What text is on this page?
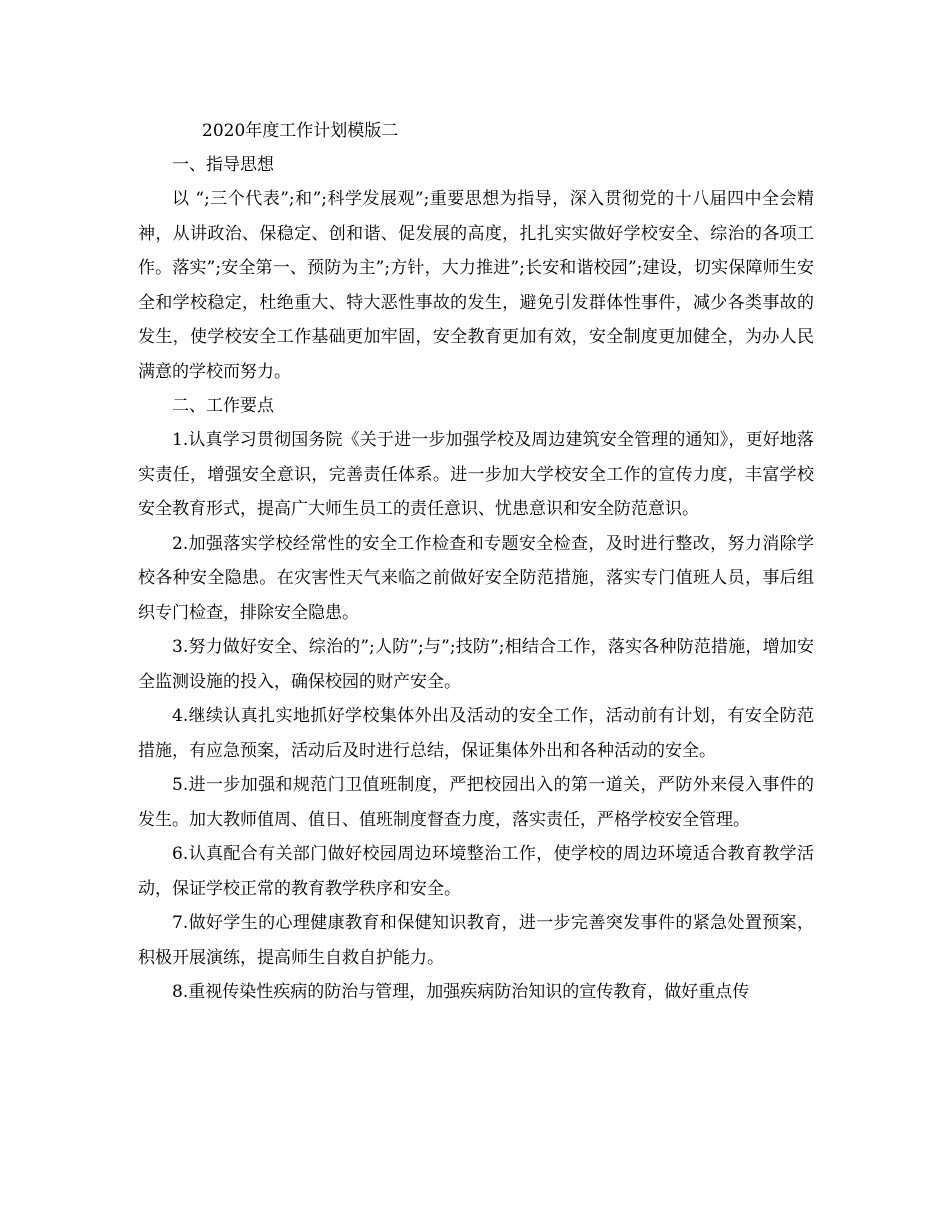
2020年度工作计划模版二

一、指导思想

以 “;三个代表”;和”;科学发展观”;重要思想为指导，深入贯彻党的十八届四中全会精神，从讲政治、保稳定、创和谐、促发展的高度，扎扎实实做好学校安全、综治的各项工作。落实”;安全第一、预防为主”;方针，大力推进”;长安和谐校园”;建设，切实保障师生安全和学校稳定，杜绝重大、特大恶性事故的发生，避免引发群体性事件，减少各类事故的发生，使学校安全工作基础更加牢固，安全教育更加有效，安全制度更加健全，为办人民满意的学校而努力。

二、工作要点

1.认真学习贯彻国务院《关于进一步加强学校及周边建筑安全管理的通知》，更好地落实责任，增强安全意识，完善责任体系。进一步加大学校安全工作的宣传力度，丰富学校安全教育形式，提高广大师生员工的责任意识、忧患意识和安全防范意识。

2.加强落实学校经常性的安全工作检查和专题安全检查，及时进行整改，努力消除学校各种安全隐患。在灾害性天气来临之前做好安全防范措施，落实专门值班人员，事后组织专门检查，排除安全隐患。

3.努力做好安全、综治的”;人防”;与”;技防”;相结合工作，落实各种防范措施，增加安全监测设施的投入，确保校园的财产安全。

4.继续认真扎实地抓好学校集体外出及活动的安全工作，活动前有计划，有安全防范措施，有应急预案，活动后及时进行总结，保证集体外出和各种活动的安全。

5.进一步加强和规范门卫值班制度，严把校园出入的第一道关，严防外来侵入事件的发生。加大教师值周、值日、值班制度督查力度，落实责任，严格学校安全管理。

6.认真配合有关部门做好校园周边环境整治工作，使学校的周边环境适合教育教学活动，保证学校正常的教育教学秩序和安全。

7.做好学生的心理健康教育和保健知识教育，进一步完善突发事件的紧急处置预案，积极开展演练，提高师生自救自护能力。

8.重视传染性疾病的防治与管理，加强疾病防治知识的宣传教育，做好重点传
